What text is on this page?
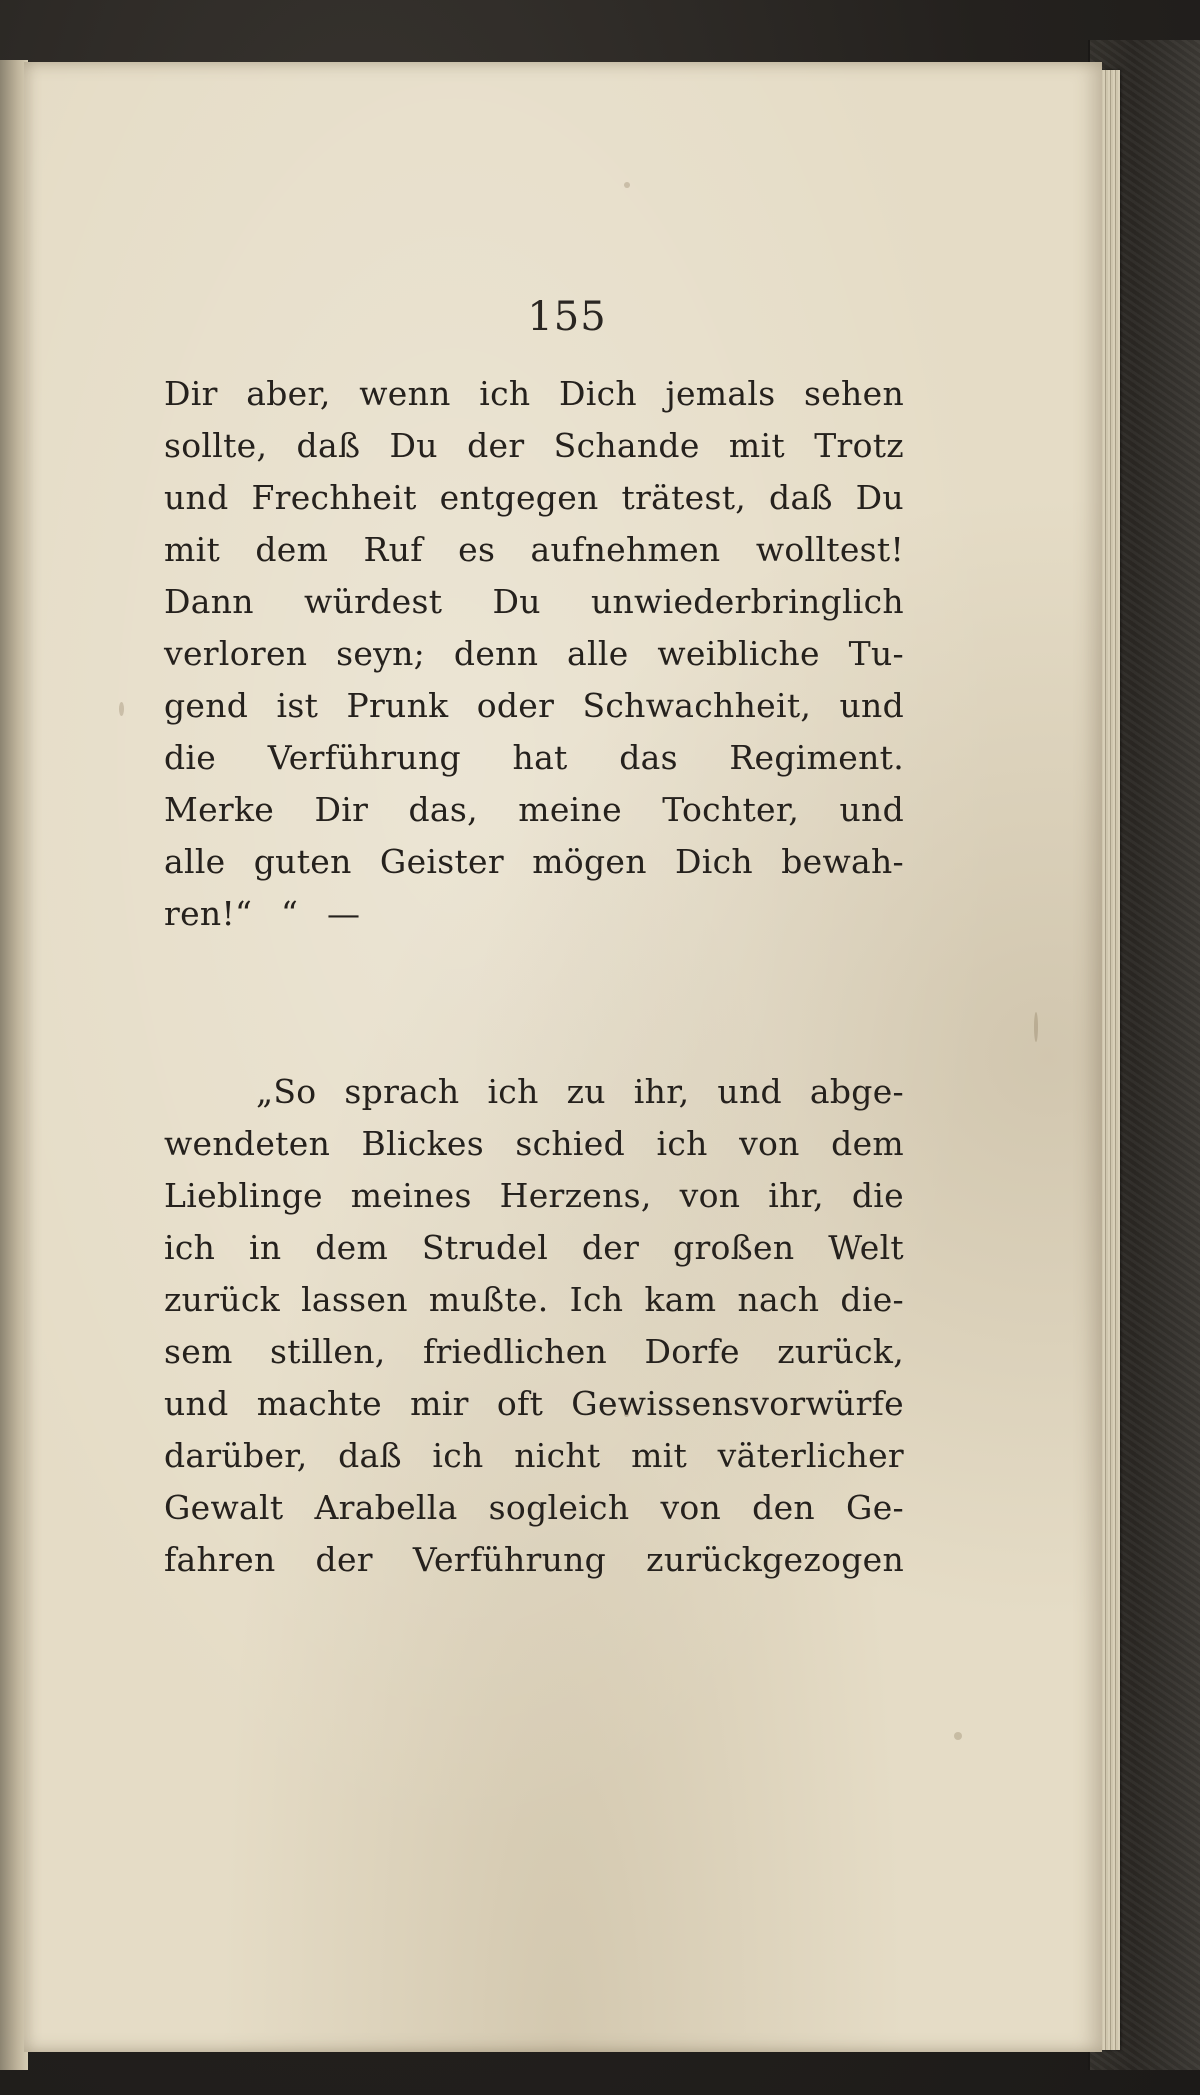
155
Dir aber, wenn ich Dich jemals sehen
sollte, daß Du der Schande mit Trotz
und Frechheit entgegen trätest, daß Du
mit dem Ruf es aufnehmen wolltest!
Dann würdest Du unwiederbringlich
verloren seyn; denn alle weibliche Tu-
gend ist Prunk oder Schwachheit, und
die Verführung hat das Regiment.
Merke Dir das, meine Tochter, und
alle guten Geister mögen Dich bewah-
ren!“ “ —
„So sprach ich zu ihr, und abge-
wendeten Blickes schied ich von dem
Lieblinge meines Herzens, von ihr, die
ich in dem Strudel der großen Welt
zurück lassen mußte. Ich kam nach die-
sem stillen, friedlichen Dorfe zurück,
und machte mir oft Gewissensvorwürfe
darüber, daß ich nicht mit väterlicher
Gewalt Arabella sogleich von den Ge-
fahren der Verführung zurückgezogen
